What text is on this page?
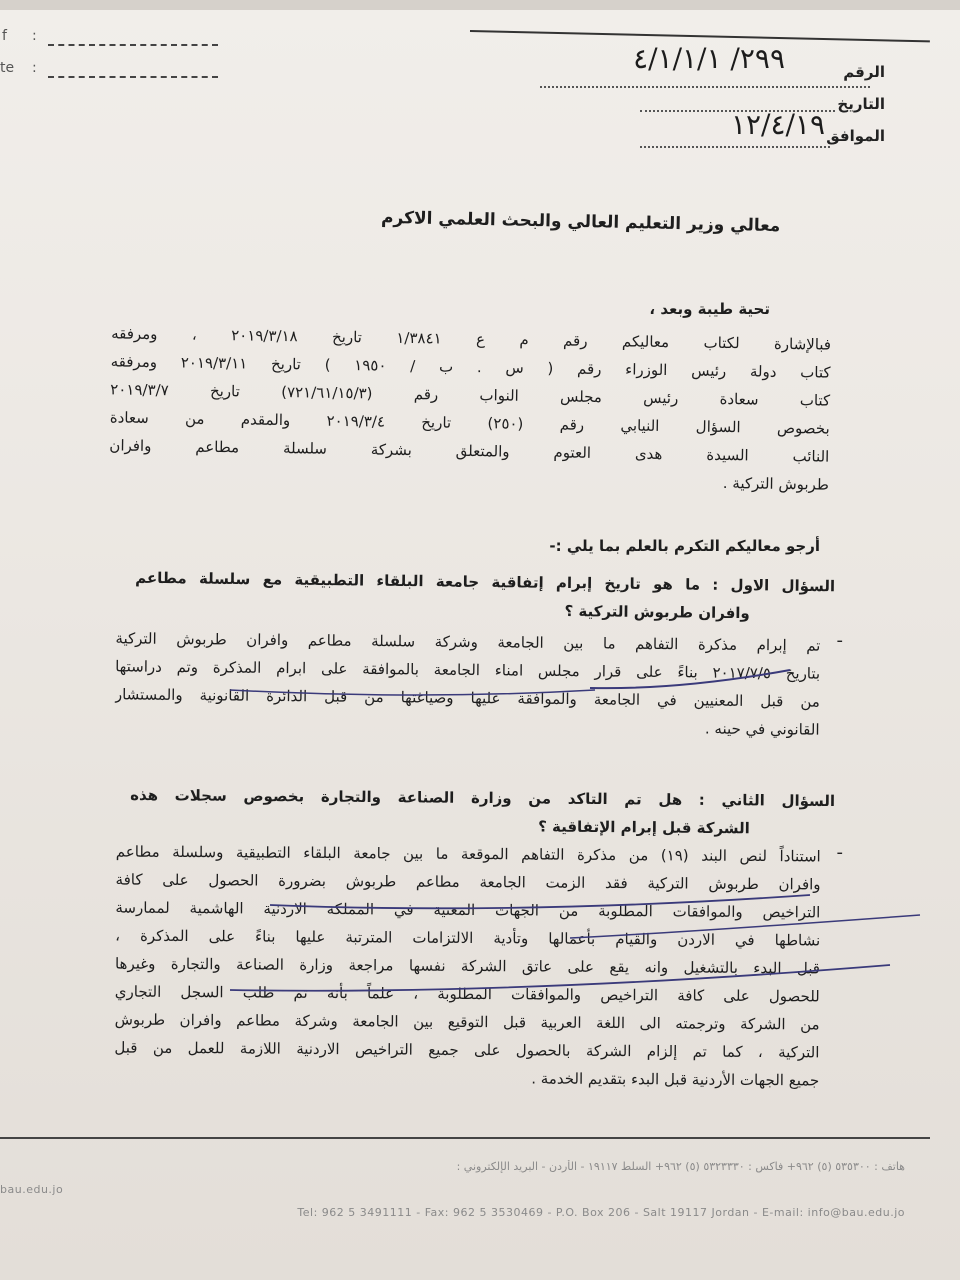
f
te
:
:	الرقم
٢٩٩/ ٤/١/١/١
التاريخ
الموافق
١٢/٤/١٩
معالي وزير التعليم العالي والبحث العلمي الاكرم
تحية طيبة وبعد ،
فبالإشارة لكتاب معاليكم رقم م ع ١/٣٨٤١ تاريخ ٢٠١٩/٣/١٨ ، ومرفقه
كتاب دولة رئيس الوزراء رقم ( س . ب / ١٩٥٠ ) تاريخ ٢٠١٩/٣/١١ ومرفقه
كتاب سعادة رئيس مجلس النواب رقم (٧٢١/٦١/١٥/٣) تاريخ ٢٠١٩/٣/٧
بخصوص السؤال النيابي رقم (٢٥٠) تاريخ ٢٠١٩/٣/٤ والمقدم من سعادة
النائب السيدة هدى العتوم والمتعلق بشركة سلسلة مطاعم وافران
طربوش التركية .
أرجو معاليكم التكرم بالعلم بما يلي :-
السؤال الاول : ما هو تاريخ إبرام إتفاقية جامعة البلقاء التطبيقية مع سلسلة مطاعم
وافران طربوش التركية ؟
-
تم إبرام مذكرة التفاهم ما بين الجامعة وشركة سلسلة مطاعم وافران طربوش التركية
بتاريخ ٢٠١٧/٧/٥ بناءً على قرار مجلس امناء الجامعة بالموافقة على ابرام المذكرة وتم دراستها
من قبل المعنيين في الجامعة والموافقة عليها وصياغتها من قبل الدائرة القانونية والمستشار
القانوني في حينه .
السؤال الثاني : هل تم التاكد من وزارة الصناعة والتجارة بخصوص سجلات هذه
الشركة قبل إبرام الإتفاقية ؟
-
استناداً لنص البند (١٩) من مذكرة التفاهم الموقعة ما بين جامعة البلقاء التطبيقية وسلسلة مطاعم
وافران طربوش التركية فقد الزمت الجامعة مطاعم طربوش بضرورة الحصول على كافة
التراخيص والموافقات المطلوبة من الجهات المعنية في المملكة الاردنية الهاشمية لممارسة
نشاطها في الاردن والقيام بأعمالها وتأدية الالتزامات المترتبة عليها بناءً على المذكرة ،
قبل البدء بالتشغيل وانه يقع على عاتق الشركة نفسها مراجعة وزارة الصناعة والتجارة وغيرها
للحصول على كافة التراخيص والموافقات المطلوبة ، علماً بأنه تم طلب السجل التجاري
من الشركة وترجمته الى اللغة العربية قبل التوقيع بين الجامعة وشركة مطاعم وافران طربوش
التركية ، كما تم إلزام الشركة بالحصول على جميع التراخيص الاردنية اللازمة للعمل من قبل
جميع الجهات الأردنية قبل البدء بتقديم الخدمة .
هاتف : ٥٣٥٣٠٠ (٥) ٩٦٢+ فاكس : ٥٣٢٣٣٣٠ (٥) ٩٦٢+ السلط ١٩١١٧ - الأردن - البريد الإلكتروني :
bau.edu.jo
Tel: 962 5 3491111 - Fax: 962 5 3530469 - P.O. Box 206 - Salt 19117 Jordan - E-mail: info@bau.edu.jo
